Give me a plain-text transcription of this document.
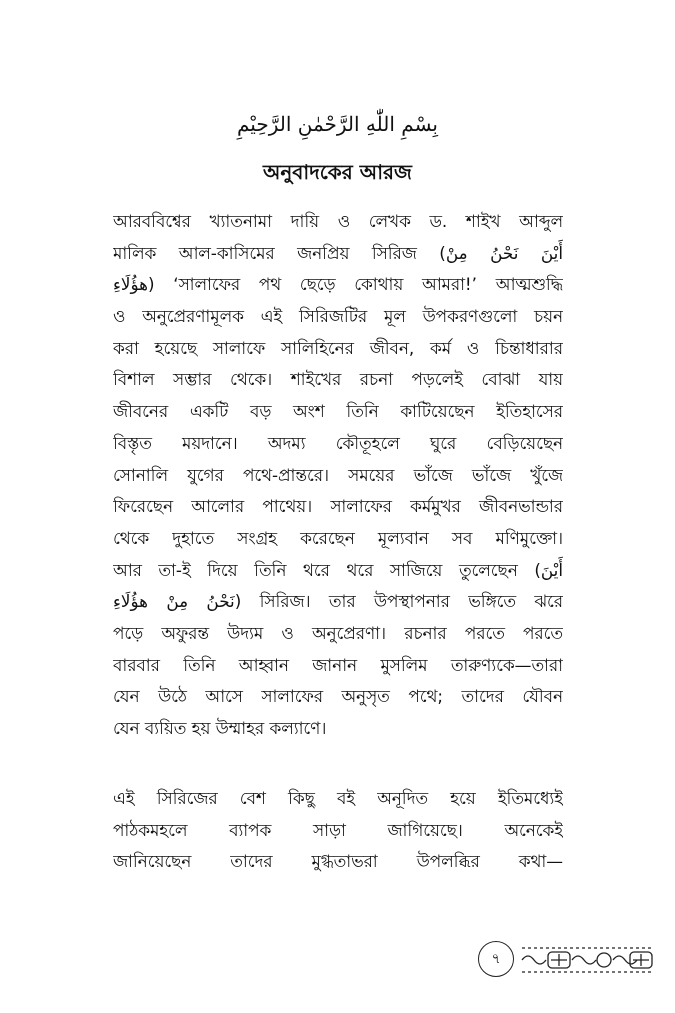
بِسْمِ اللّٰهِ الرَّحْمٰنِ الرَّحِيْمِ
অনুবাদকের আরজ
আরববিশ্বের খ্যাতনামা দায়ি ও লেখক ড. শাইখ আব্দুল
মালিক আল-কাসিমের জনপ্রিয় সিরিজ (أَيْنَ نَحْنُ مِنْ
هؤُلَاءِ) ‘সালাফের পথ ছেড়ে কোথায় আমরা!’ আত্মশুদ্ধি
ও অনুপ্রেরণামূলক এই সিরিজটির মূল উপকরণগুলো চয়ন
করা হয়েছে সালাফে সালিহিনের জীবন, কর্ম ও চিন্তাধারার
বিশাল সম্ভার থেকে। শাইখের রচনা পড়লেই বোঝা যায়
জীবনের একটি বড় অংশ তিনি কাটিয়েছেন ইতিহাসের
বিস্তৃত ময়দানে। অদম্য কৌতূহলে ঘুরে বেড়িয়েছেন
সোনালি যুগের পথে-প্রান্তরে। সময়ের ভাঁজে ভাঁজে খুঁজে
ফিরেছেন আলোর পাথেয়। সালাফের কর্মমুখর জীবনভান্ডার
থেকে দুহাতে সংগ্রহ করেছেন মূল্যবান সব মণিমুক্তো।
আর তা-ই দিয়ে তিনি থরে থরে সাজিয়ে তুলেছেন (أَيْنَ
نَحْنُ مِنْ هؤُلَاءِ) সিরিজ। তার উপস্থাপনার ভঙ্গিতে ঝরে
পড়ে অফুরন্ত উদ্যম ও অনুপ্রেরণা। রচনার পরতে পরতে
বারবার তিনি আহ্বান জানান মুসলিম তারুণ্যকে—তারা
যেন উঠে আসে সালাফের অনুসৃত পথে; তাদের যৌবন
যেন ব্যয়িত হয় উম্মাহর কল্যাণে।
এই সিরিজের বেশ কিছু বই অনূদিত হয়ে ইতিমধ্যেই
পাঠকমহলে ব্যাপক সাড়া জাগিয়েছে। অনেকেই
জানিয়েছেন তাদের মুগ্ধতাভরা উপলব্ধির কথা—
৭
